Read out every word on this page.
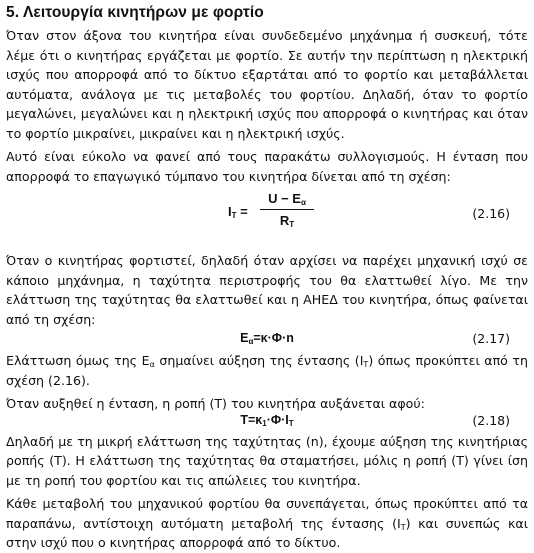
5. Λειτουργία κινητήρων με φορτίο

Όταν στον άξονα του κινητήρα είναι συνδεδεμένο μηχάνημα ή συσκευή, τότε λέμε ότι ο κινητήρας εργάζεται με φορτίο. Σε αυτήν την περίπτωση η ηλεκτρική ισχύς που απορροφά από το δίκτυο εξαρτάται από το φορτίο και μεταβάλλεται αυτόματα, ανάλογα με τις μεταβολές του φορτίου. Δηλαδή, όταν το φορτίο μεγαλώνει, μεγαλώνει και η ηλεκτρική ισχύς που απορροφά ο κινητήρας και όταν το φορτίο μικραίνει, μικραίνει και η ηλεκτρική ισχύς.

Αυτό είναι εύκολο να φανεί από τους παρακάτω συλλογισμούς. Η ένταση που απορροφά το επαγωγικό τύμπανο του κινητήρα δίνεται από τη σχέση:

$I_T$ =
$U - E_\alpha$
$R_T$
(2.16)

Όταν ο κινητήρας φορτιστεί, δηλαδή όταν αρχίσει να παρέχει μηχανική ισχύ σε κάποιο μηχάνημα, η ταχύτητα περιστροφής του θα ελαττωθεί λίγο. Με την ελάττωση της ταχύτητας θα ελαττωθεί και η ΑΗΕΔ του κινητήρα, όπως φαίνεται από τη σχέση:

$E_\alpha=\kappa\cdot\Phi\cdot n$	(2.17)

Ελάττωση όμως της $E_\alpha$ σημαίνει αύξηση της έντασης $(I_T)$ όπως προκύπτει από τη σχέση (2.16).

Όταν αυξηθεί η ένταση, η ροπή (T) του κινητήρα αυξάνεται αφού:

$T=\kappa_1\cdot\Phi\cdot I_T$	(2.18)

Δηλαδή με τη μικρή ελάττωση της ταχύτητας (n), έχουμε αύξηση της κινητήριας ροπής (T). Η ελάττωση της ταχύτητας θα σταματήσει, μόλις η ροπή (T) γίνει ίση με τη ροπή του φορτίου και τις απώλειες του κινητήρα.

Κάθε μεταβολή του μηχανικού φορτίου θα συνεπάγεται, όπως προκύπτει από τα παραπάνω, αντίστοιχη αυτόματη μεταβολή της έντασης $(I_T)$ και συνεπώς και στην ισχύ που ο κινητήρας απορροφά από το δίκτυο.
